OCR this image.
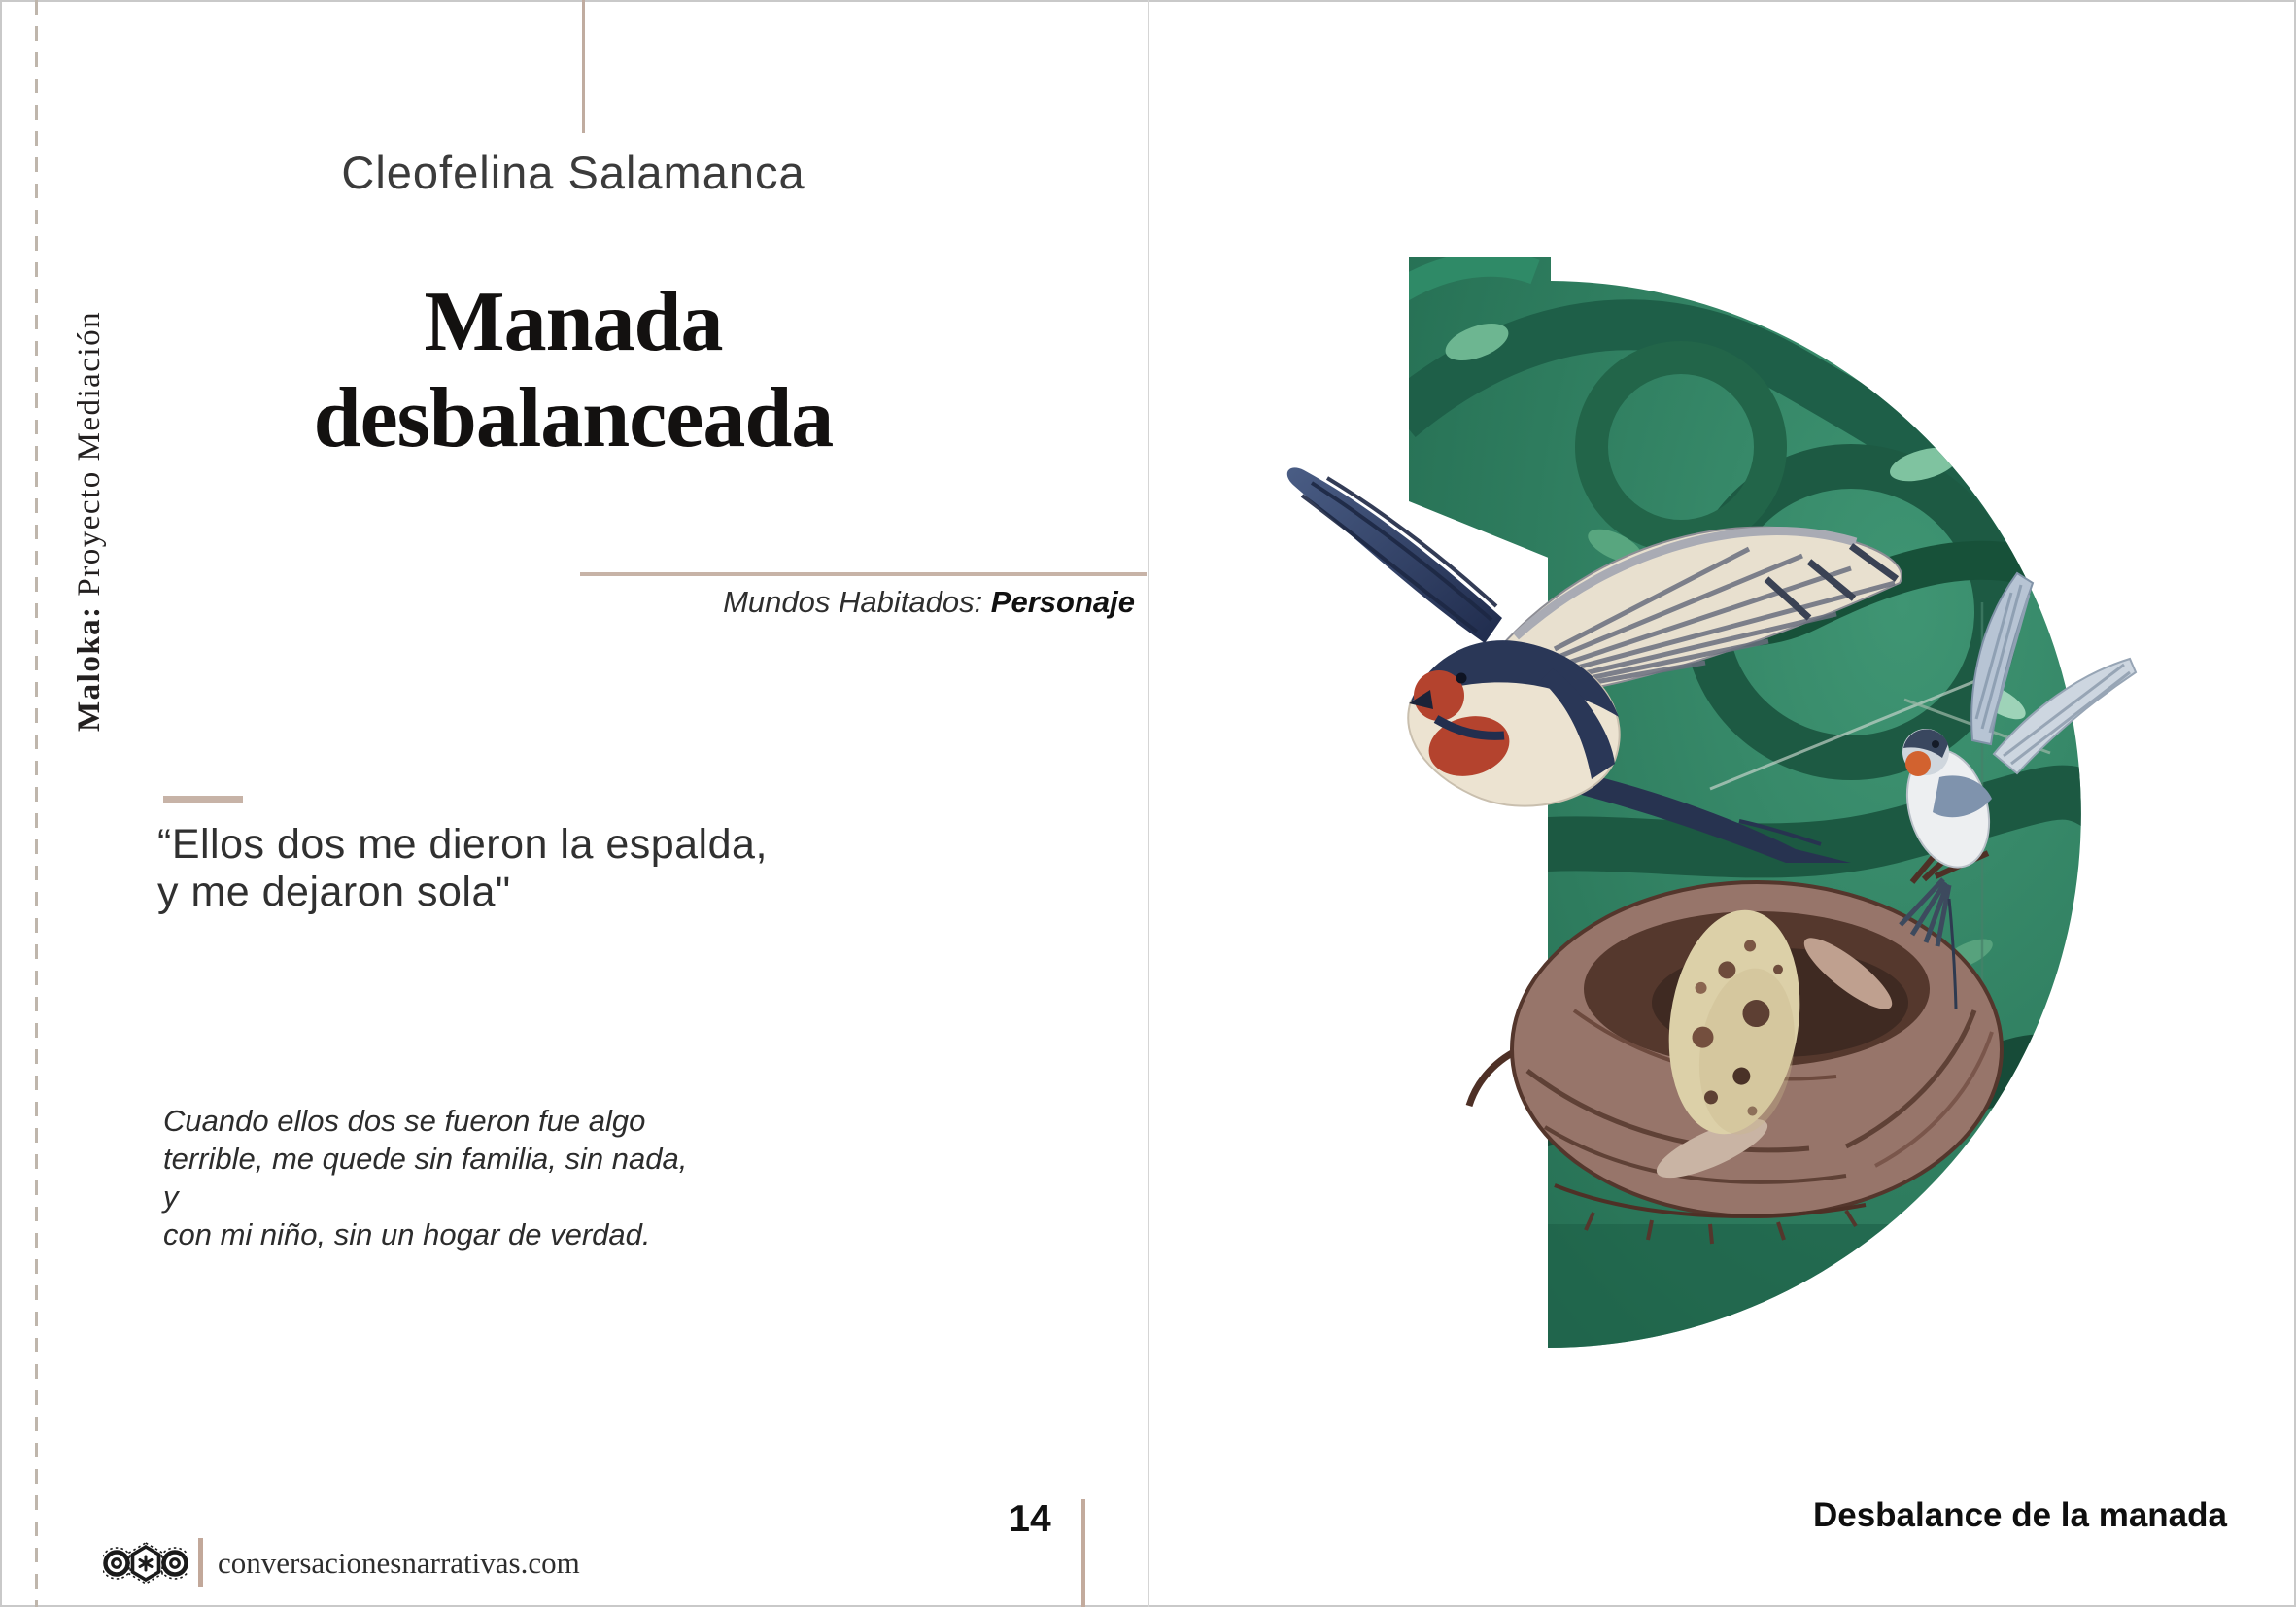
Maloka: Proyecto Mediación
Cleofelina Salamanca
Manada
desbalanceada
Mundos Habitados: Personaje
“Ellos dos me dieron la espalda,
y me dejaron sola"
Cuando ellos dos se fueron fue algo
terrible, me quede sin familia, sin nada, y
con mi niño, sin un hogar de verdad.
14
conversacionesnarrativas.com
Desbalance de la manada
